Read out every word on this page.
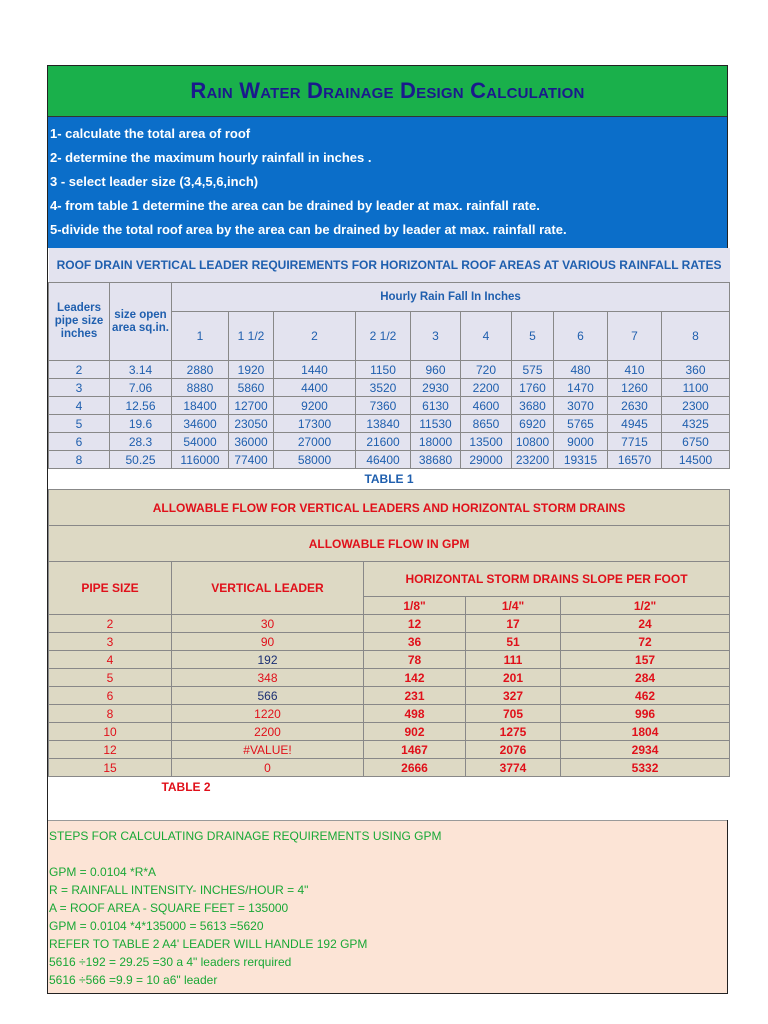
Rain Water Drainage Design Calculation
1- calculate the total area of roof
2- determine the maximum hourly rainfall in inches .
3 - select leader size (3,4,5,6,inch)
4- from table 1 determine the area can be drained by leader at max. rainfall rate.
5-divide the total roof area by the area can be drained by leader at max. rainfall rate.
ROOF DRAIN VERTICAL LEADER REQUIREMENTS FOR HORIZONTAL ROOF AREAS AT VARIOUS RAINFALL RATES											
Leaders pipe size inches	size open area sq.in.	Hourly Rain Fall In Inches									
		1	1 1/2	2	2 1/2	3	4	5	6	7	8
2	3.14	2880	1920	1440	1150	960	720	575	480	410	360
3	7.06	8880	5860	4400	3520	2930	2200	1760	1470	1260	1100
4	12.56	18400	12700	9200	7360	6130	4600	3680	3070	2630	2300
5	19.6	34600	23050	17300	13840	11530	8650	6920	5765	4945	4325
6	28.3	54000	36000	27000	21600	18000	13500	10800	9000	7715	6750
8	50.25	116000	77400	58000	46400	38680	29000	23200	19315	16570	14500
TABLE 1											
ALLOWABLE FLOW FOR VERTICAL LEADERS AND HORIZONTAL STORM DRAINS				
ALLOWABLE FLOW IN GPM				
PIPE SIZE	VERTICAL LEADER	HORIZONTAL STORM DRAINS SLOPE PER FOOT		
		1/8"	1/4"	1/2"
2	30	12	17	24
3	90	36	51	72
4	192	78	111	157
5	348	142	201	284
6	566	231	327	462
8	1220	498	705	996
10	2200	902	1275	1804
12	#VALUE!	1467	2076	2934
15	0	2666	3774	5332
TABLE 2				

STEPS FOR CALCULATING DRAINAGE REQUIREMENTS USING GPM
GPM = 0.0104 *R*A
R = RAINFALL INTENSITY- INCHES/HOUR = 4"
A = ROOF AREA - SQUARE FEET = 135000
GPM = 0.0104 *4*135000 = 5613 =5620
REFER TO TABLE 2 A4' LEADER WILL HANDLE 192 GPM
5616 ÷192 = 29.25 =30 a 4" leaders rerquired
5616 ÷566 =9.9 = 10 a6" leader
